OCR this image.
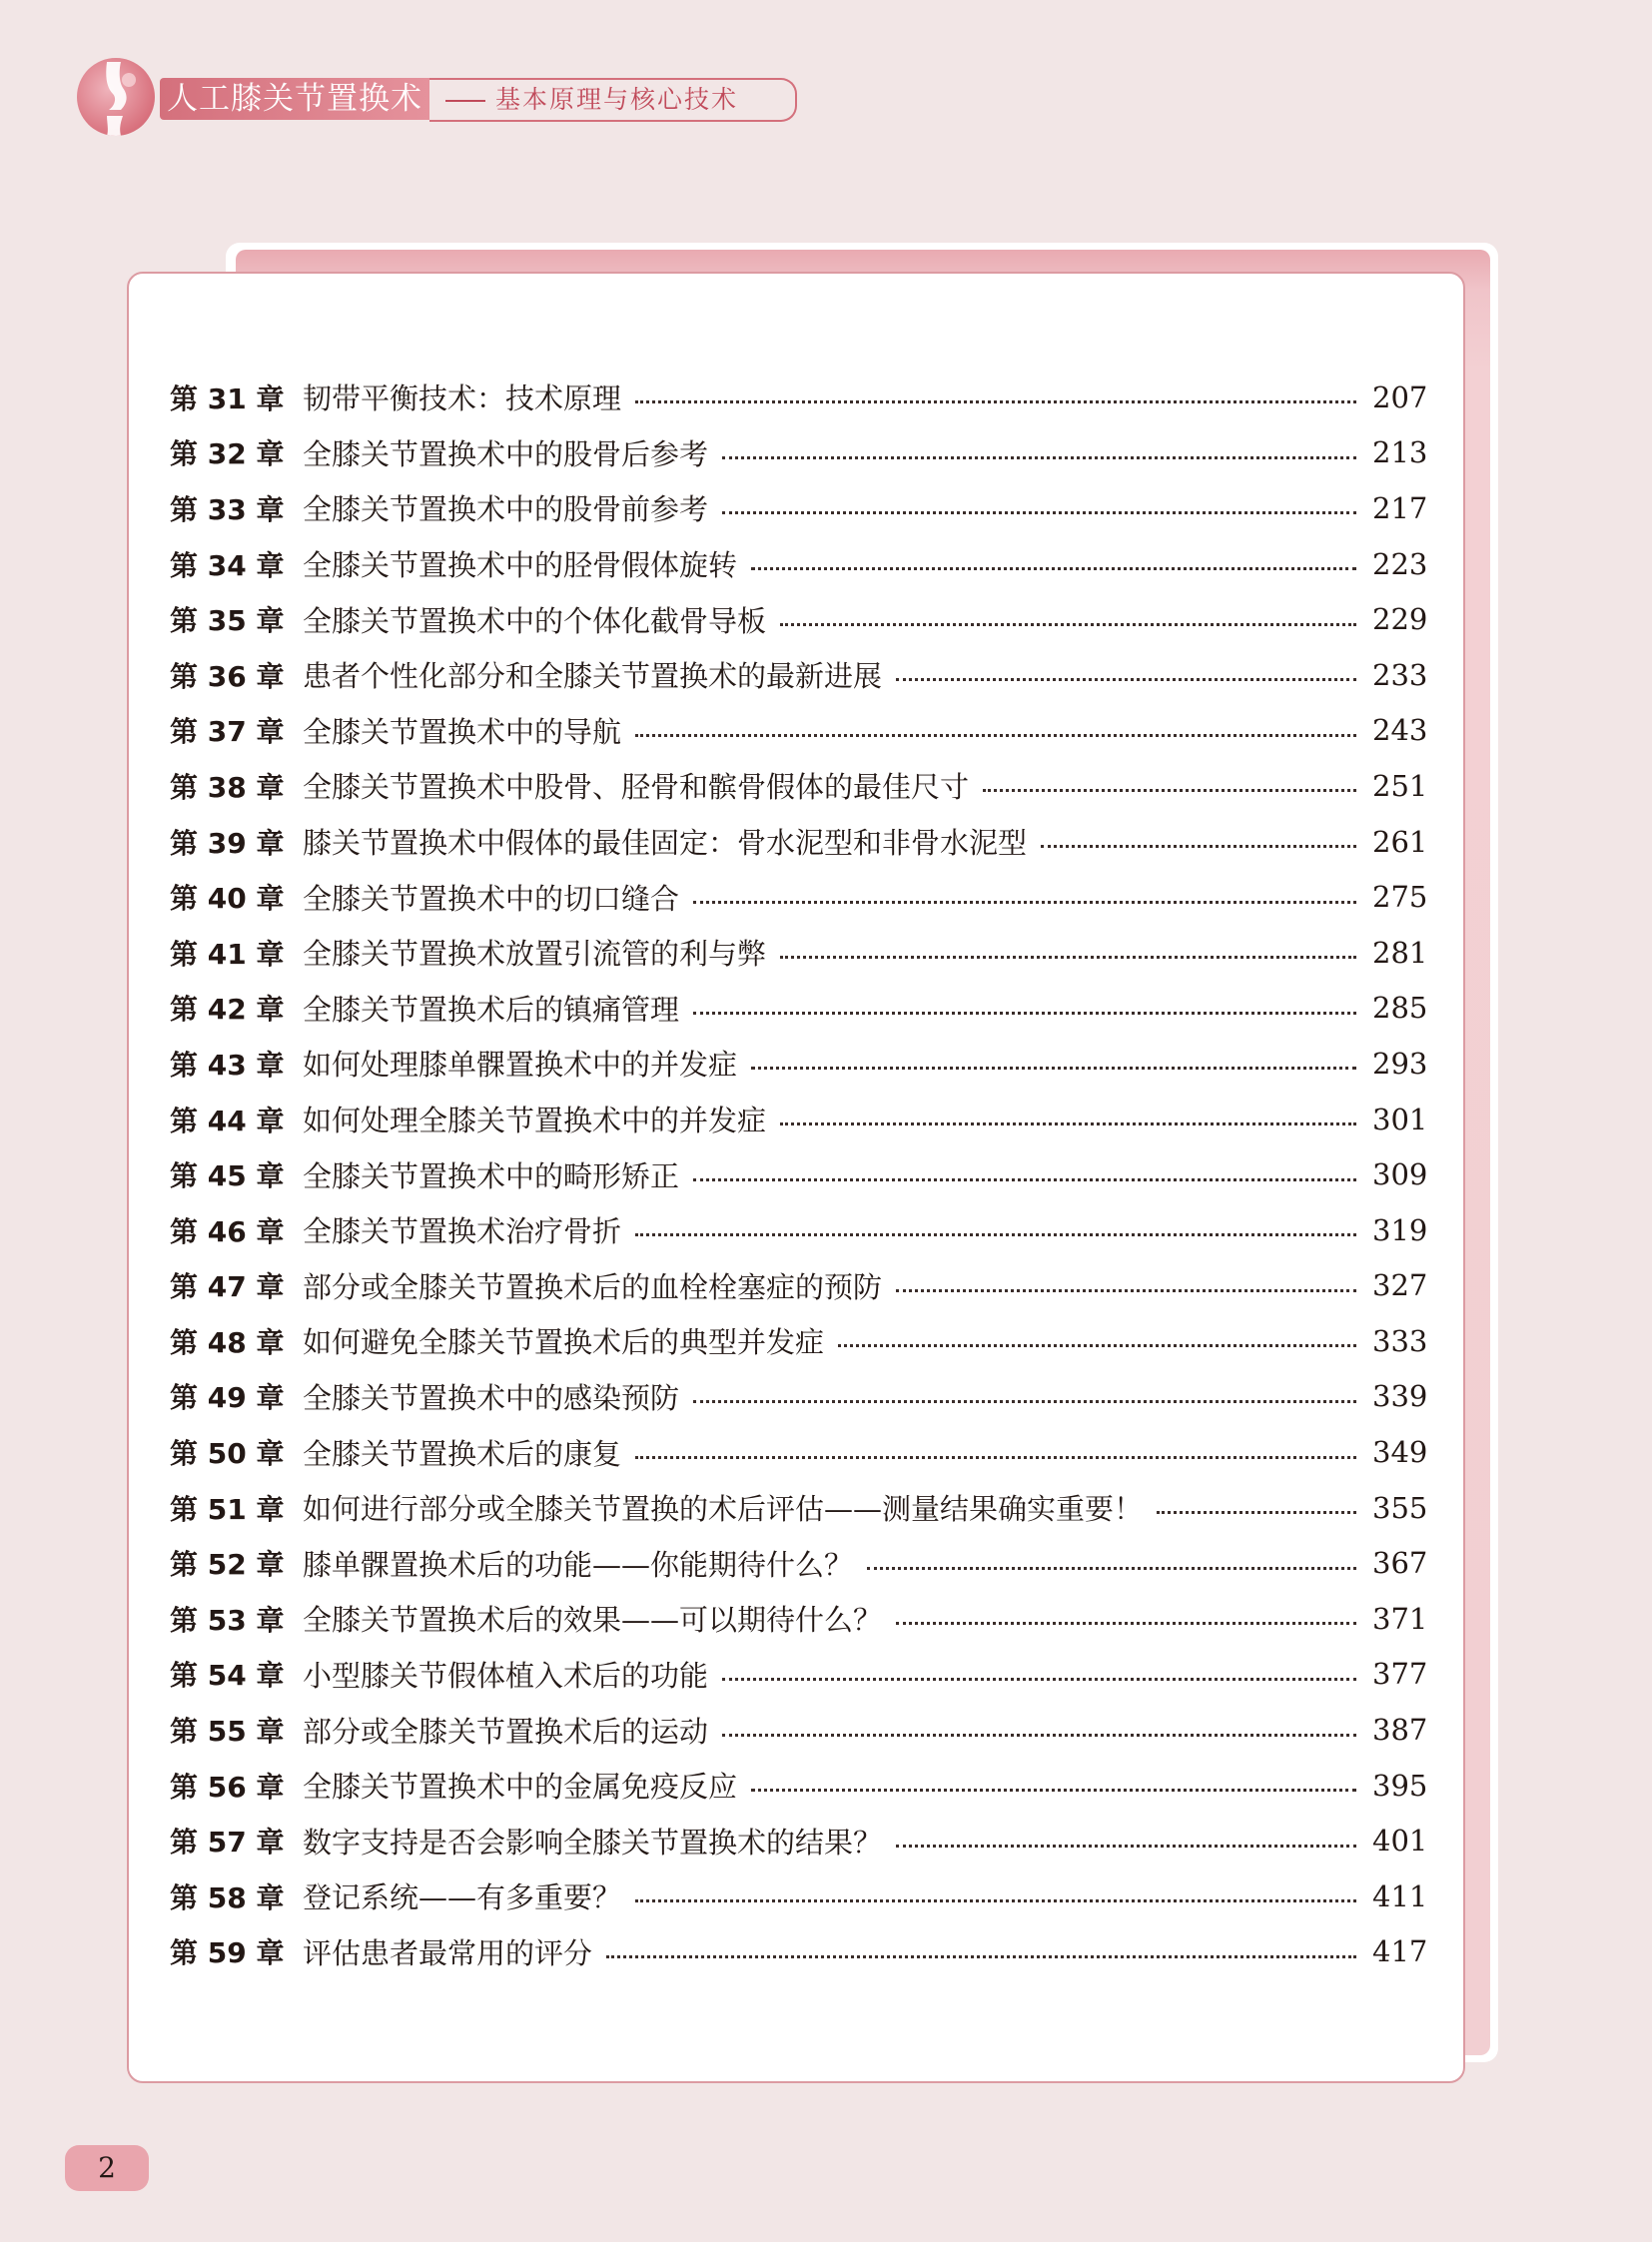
人工膝关节置换术	基本原理与核心技术
第 31 章 韧带平衡技术：技术原理	207
第 32 章 全膝关节置换术中的股骨后参考	213
第 33 章 全膝关节置换术中的股骨前参考	217
第 34 章 全膝关节置换术中的胫骨假体旋转	223
第 35 章 全膝关节置换术中的个体化截骨导板	229
第 36 章 患者个性化部分和全膝关节置换术的最新进展	233
第 37 章 全膝关节置换术中的导航	243
第 38 章 全膝关节置换术中股骨、胫骨和髌骨假体的最佳尺寸	251
第 39 章 膝关节置换术中假体的最佳固定：骨水泥型和非骨水泥型	261
第 40 章 全膝关节置换术中的切口缝合	275
第 41 章 全膝关节置换术放置引流管的利与弊	281
第 42 章 全膝关节置换术后的镇痛管理	285
第 43 章 如何处理膝单髁置换术中的并发症	293
第 44 章 如何处理全膝关节置换术中的并发症	301
第 45 章 全膝关节置换术中的畸形矫正	309
第 46 章 全膝关节置换术治疗骨折	319
第 47 章 部分或全膝关节置换术后的血栓栓塞症的预防	327
第 48 章 如何避免全膝关节置换术后的典型并发症	333
第 49 章 全膝关节置换术中的感染预防	339
第 50 章 全膝关节置换术后的康复	349
第 51 章 如何进行部分或全膝关节置换的术后评估——测量结果确实重要！	355
第 52 章 膝单髁置换术后的功能——你能期待什么？	367
第 53 章 全膝关节置换术后的效果——可以期待什么？	371
第 54 章 小型膝关节假体植入术后的功能	377
第 55 章 部分或全膝关节置换术后的运动	387
第 56 章 全膝关节置换术中的金属免疫反应	395
第 57 章 数字支持是否会影响全膝关节置换术的结果？	401
第 58 章 登记系统——有多重要？	411
第 59 章 评估患者最常用的评分	417
2
